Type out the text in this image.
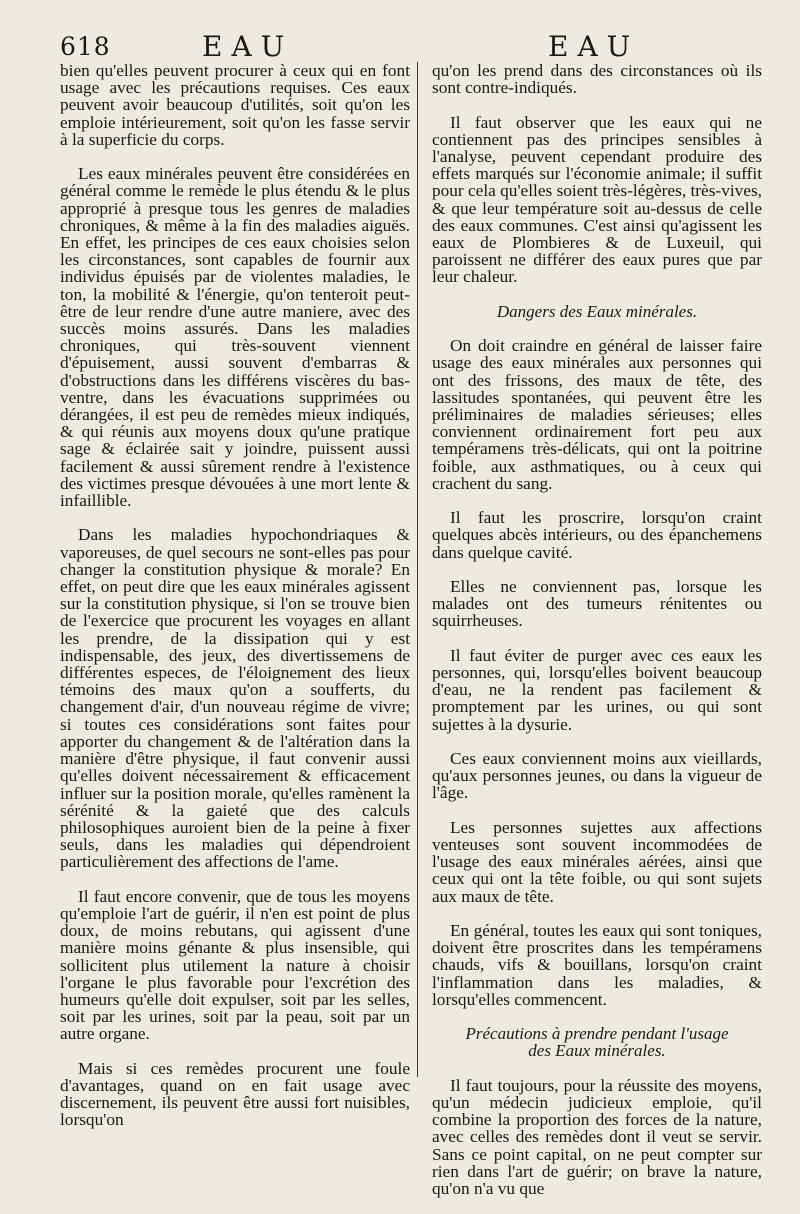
618	EAU	EAU

bien qu'elles peuvent procurer à ceux qui en font usage avec les précautions requises. Ces eaux peuvent avoir beaucoup d'utilités, soit qu'on les emploie intérieurement, soit qu'on les fasse servir à la superficie du corps.

Les eaux minérales peuvent être considérées en général comme le remède le plus étendu & le plus approprié à presque tous les genres de maladies chroniques, & même à la fin des maladies aiguës. En effet, les principes de ces eaux choisies selon les circonstances, sont capables de fournir aux individus épuisés par de violentes maladies, le ton, la mobilité & l'énergie, qu'on tenteroit peut-être de leur rendre d'une autre maniere, avec des succès moins assurés. Dans les maladies chroniques, qui très-souvent viennent d'épuisement, aussi souvent d'embarras & d'obstructions dans les différens viscères du bas-ventre, dans les évacuations supprimées ou dérangées, il est peu de remèdes mieux indiqués, & qui réunis aux moyens doux qu'une pratique sage & éclairée sait y joindre, puissent aussi facilement & aussi sûrement rendre à l'existence des victimes presque dévouées à une mort lente & infaillible.

Dans les maladies hypochondriaques & vaporeuses, de quel secours ne sont-elles pas pour changer la constitution physique & morale? En effet, on peut dire que les eaux minérales agissent sur la constitution physique, si l'on se trouve bien de l'exercice que procurent les voyages en allant les prendre, de la dissipation qui y est indispensable, des jeux, des divertissemens de différentes especes, de l'éloignement des lieux témoins des maux qu'on a soufferts, du changement d'air, d'un nouveau régime de vivre; si toutes ces considérations sont faites pour apporter du changement & de l'altération dans la manière d'être physique, il faut convenir aussi qu'elles doivent nécessairement & efficacement influer sur la position morale, qu'elles ramènent la sérénité & la gaieté que des calculs philosophiques auroient bien de la peine à fixer seuls, dans les maladies qui dépendroient particulièrement des affections de l'ame.

Il faut encore convenir, que de tous les moyens qu'emploie l'art de guérir, il n'en est point de plus doux, de moins rebutans, qui agissent d'une manière moins génante & plus insensible, qui sollicitent plus utilement la nature à choisir l'organe le plus favorable pour l'excrétion des humeurs qu'elle doit expulser, soit par les selles, soit par les urines, soit par la peau, soit par un autre organe.

Mais si ces remèdes procurent une foule d'avantages, quand on en fait usage avec discernement, ils peuvent être aussi fort nuisibles, lorsqu'on

qu'on les prend dans des circonstances où ils sont contre-indiqués.

Il faut observer que les eaux qui ne contiennent pas des principes sensibles à l'analyse, peuvent cependant produire des effets marqués sur l'économie animale; il suffit pour cela qu'elles soient très-légères, très-vives, & que leur température soit au-dessus de celle des eaux communes. C'est ainsi qu'agissent les eaux de Plombieres & de Luxeuil, qui paroissent ne différer des eaux pures que par leur chaleur.

Dangers des Eaux minérales.

On doit craindre en général de laisser faire usage des eaux minérales aux personnes qui ont des frissons, des maux de tête, des lassitudes spontanées, qui peuvent être les préliminaires de maladies sérieuses; elles conviennent ordinairement fort peu aux tempéramens très-délicats, qui ont la poitrine foible, aux asthmatiques, ou à ceux qui crachent du sang.

Il faut les proscrire, lorsqu'on craint quelques abcès intérieurs, ou des épanchemens dans quelque cavité.

Elles ne conviennent pas, lorsque les malades ont des tumeurs rénitentes ou squirrheuses.

Il faut éviter de purger avec ces eaux les personnes, qui, lorsqu'elles boivent beaucoup d'eau, ne la rendent pas facilement & promptement par les urines, ou qui sont sujettes à la dysurie.

Ces eaux conviennent moins aux vieillards, qu'aux personnes jeunes, ou dans la vigueur de l'âge.

Les personnes sujettes aux affections venteuses sont souvent incommodées de l'usage des eaux minérales aérées, ainsi que ceux qui ont la tête foible, ou qui sont sujets aux maux de tête.

En général, toutes les eaux qui sont toniques, doivent être proscrites dans les tempéramens chauds, vifs & bouillans, lorsqu'on craint l'inflammation dans les maladies, & lorsqu'elles commencent.

Précautions à prendre pendant l'usage des Eaux minérales.

Il faut toujours, pour la réussite des moyens, qu'un médecin judicieux emploie, qu'il combine la proportion des forces de la nature, avec celles des remèdes dont il veut se servir. Sans ce point capital, on ne peut compter sur rien dans l'art de guérir; on brave la nature, qu'on n'a vu que
